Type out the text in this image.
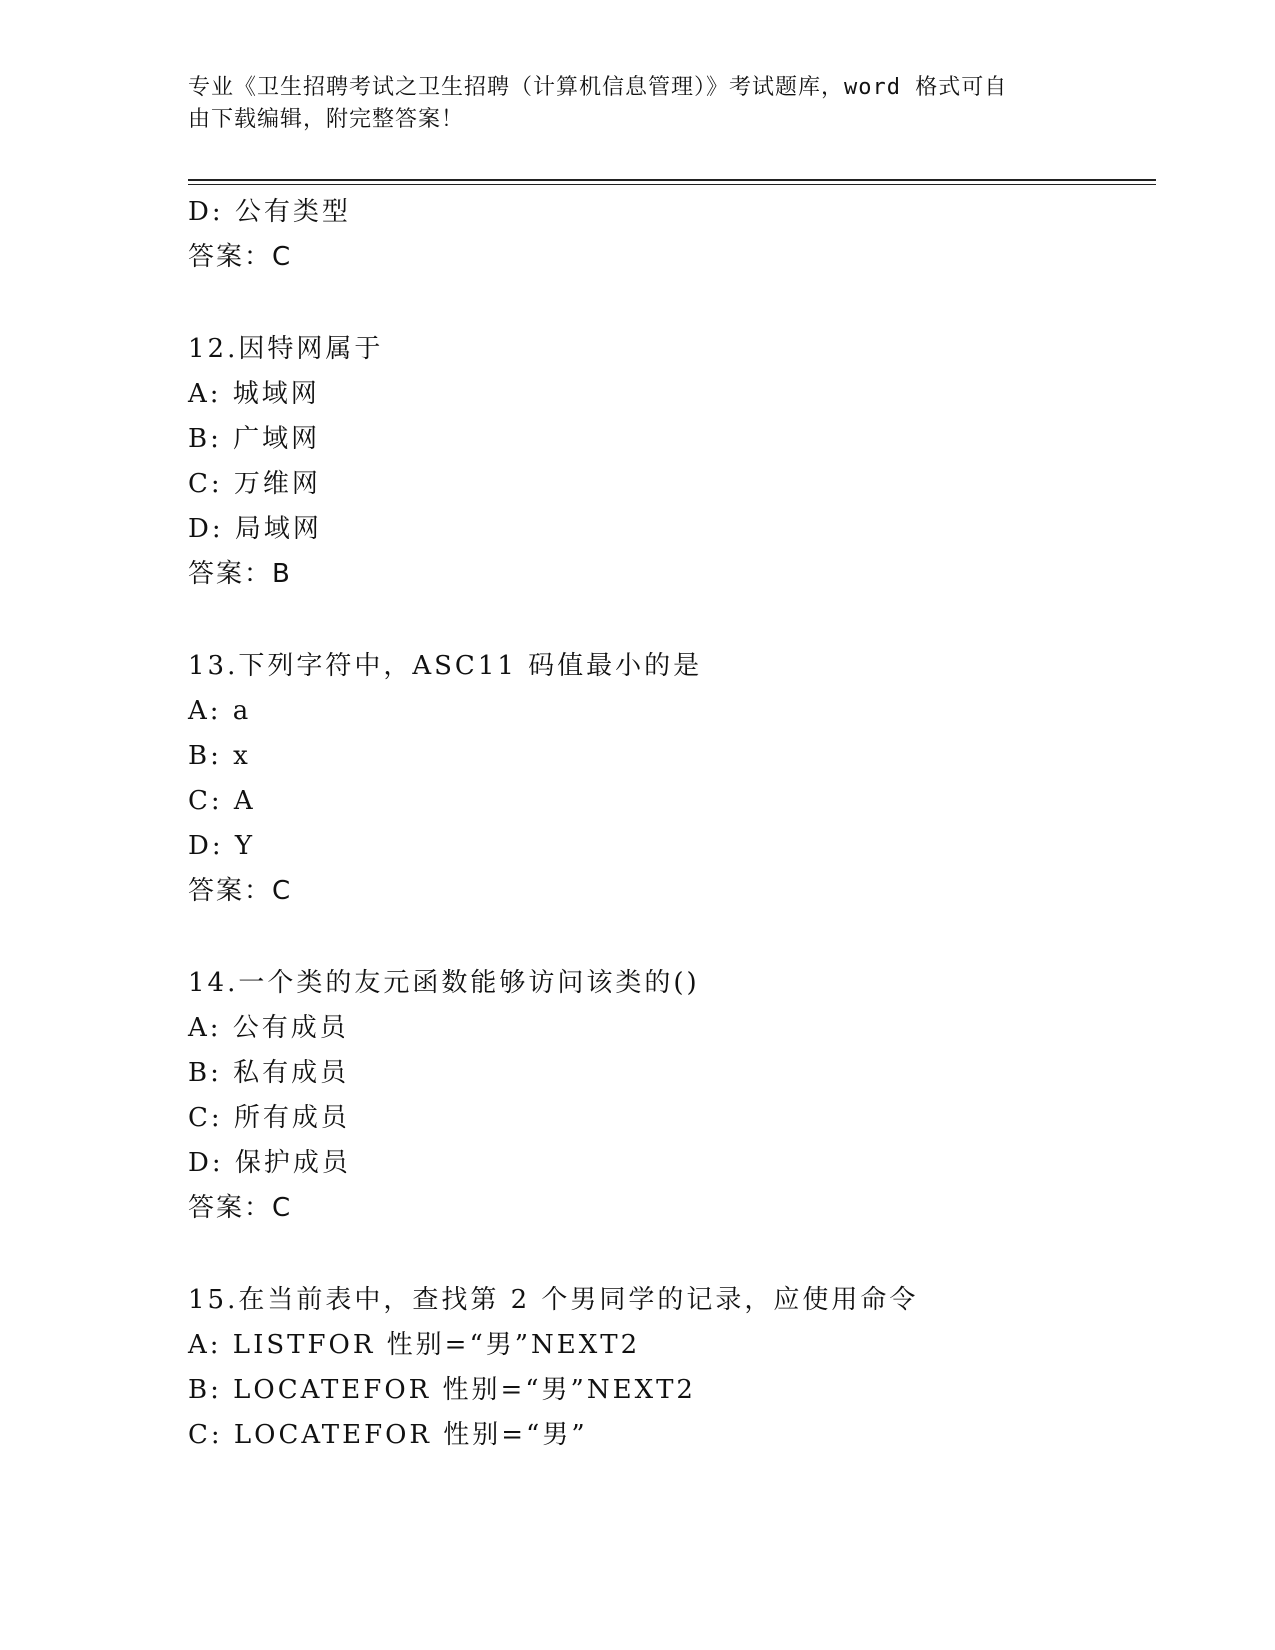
专业《卫生招聘考试之卫生招聘（计算机信息管理）》考试题库，word 格式可自
由下载编辑，附完整答案！
D: 公有类型
答案：C
12.因特网属于
A: 城域网
B: 广域网
C: 万维网
D: 局域网
答案：B
13.下列字符中，ASC11 码值最小的是
A: a
B: x
C: A
D: Y
答案：C
14.一个类的友元函数能够访问该类的()
A: 公有成员
B: 私有成员
C: 所有成员
D: 保护成员
答案：C
15.在当前表中，查找第 2 个男同学的记录，应使用命令
A: LISTFOR 性别=“男”NEXT2
B: LOCATEFOR 性别=“男”NEXT2
C: LOCATEFOR 性别=“男”
